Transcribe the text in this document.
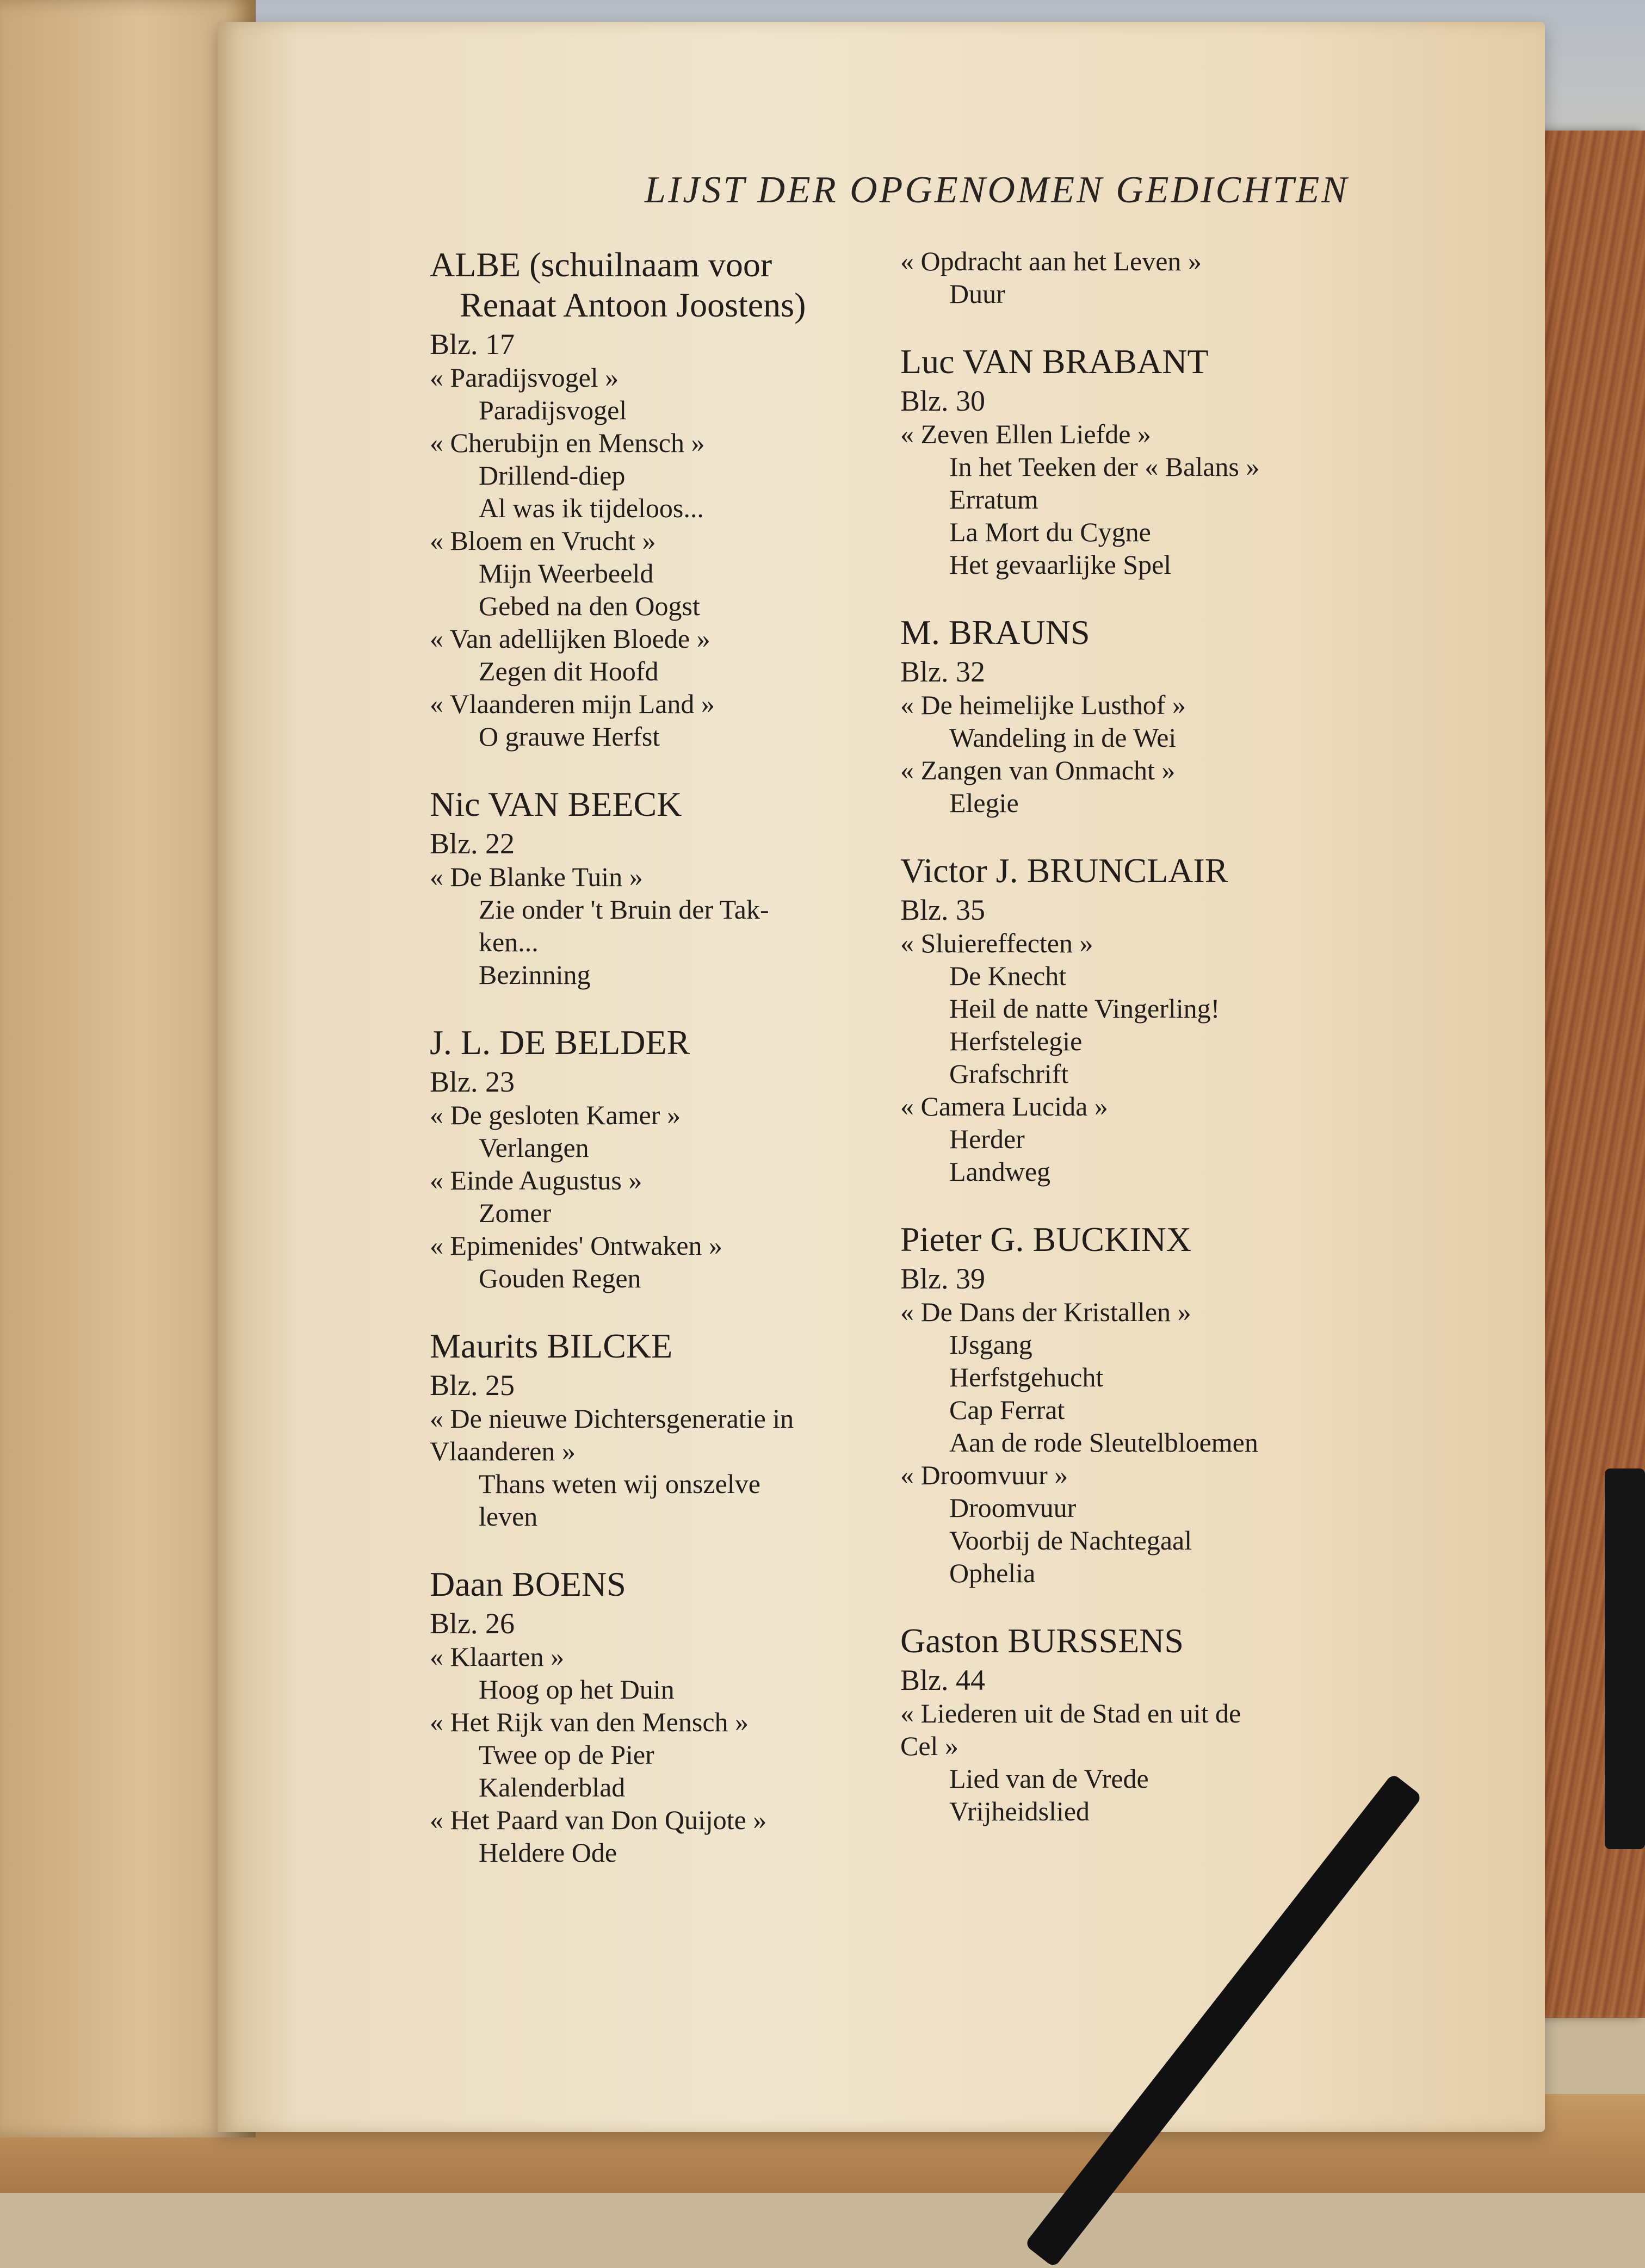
LIJST DER OPGENOMEN GEDICHTEN
ALBE (schuilnaam voor
Renaat Antoon Joostens)
Blz. 17
« Paradijsvogel »
Paradijsvogel
« Cherubijn en Mensch »
Drillend-diep
Al was ik tijdeloos...
« Bloem en Vrucht »
Mijn Weerbeeld
Gebed na den Oogst
« Van adellijken Bloede »
Zegen dit Hoofd
« Vlaanderen mijn Land »
O grauwe Herfst
Nic VAN BEECK
Blz. 22
« De Blanke Tuin »
Zie onder 't Bruin der Tak-
ken...
Bezinning
J. L. DE BELDER
Blz. 23
« De gesloten Kamer »
Verlangen
« Einde Augustus »
Zomer
« Epimenides' Ontwaken »
Gouden Regen
Maurits BILCKE
Blz. 25
« De nieuwe Dichtersgeneratie in
Vlaanderen »
Thans weten wij onszelve
leven
Daan BOENS
Blz. 26
« Klaarten »
Hoog op het Duin
« Het Rijk van den Mensch »
Twee op de Pier
Kalenderblad
« Het Paard van Don Quijote »
Heldere Ode
« Opdracht aan het Leven »
Duur
Luc VAN BRABANT
Blz. 30
« Zeven Ellen Liefde »
In het Teeken der « Balans »
Erratum
La Mort du Cygne
Het gevaarlijke Spel
M. BRAUNS
Blz. 32
« De heimelijke Lusthof »
Wandeling in de Wei
« Zangen van Onmacht »
Elegie
Victor J. BRUNCLAIR
Blz. 35
« Sluiereffecten »
De Knecht
Heil de natte Vingerling!
Herfstelegie
Grafschrift
« Camera Lucida »
Herder
Landweg
Pieter G. BUCKINX
Blz. 39
« De Dans der Kristallen »
IJsgang
Herfstgehucht
Cap Ferrat
Aan de rode Sleutelbloemen
« Droomvuur »
Droomvuur
Voorbij de Nachtegaal
Ophelia
Gaston BURSSENS
Blz. 44
« Liederen uit de Stad en uit de
Cel »
Lied van de Vrede
Vrijheidslied
